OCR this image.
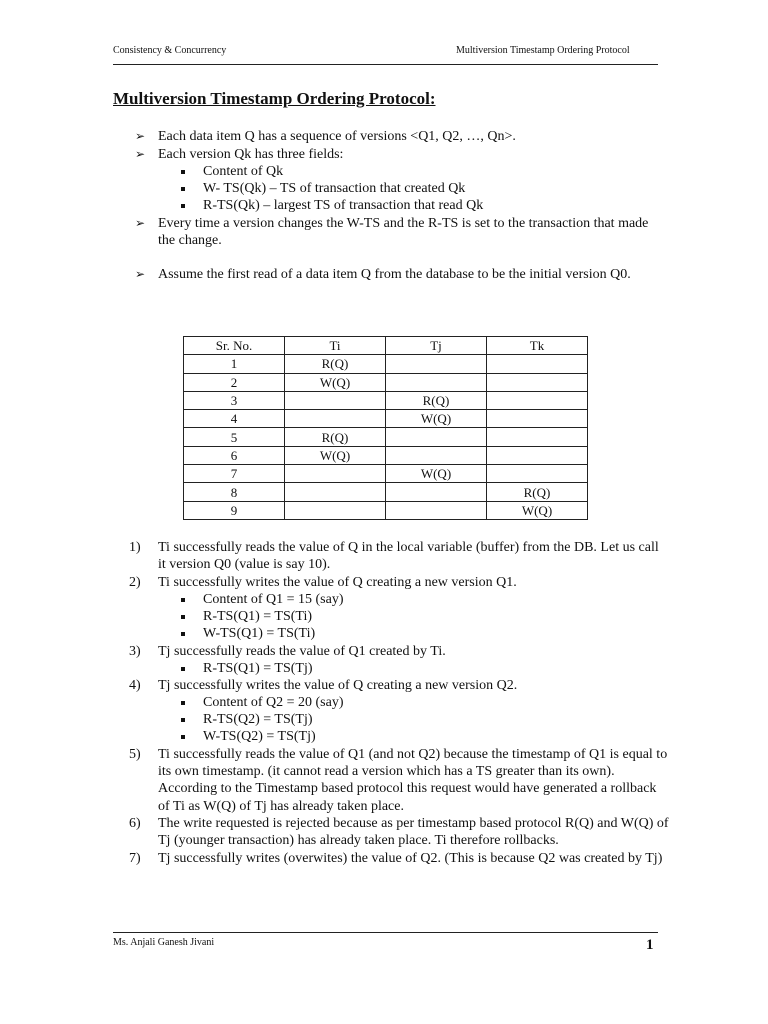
Consistency & Concurrency	Multiversion Timestamp Ordering Protocol
Multiversion Timestamp Ordering Protocol:
➢ Each data item Q has a sequence of versions <Q1, Q2, …, Qn>.
➢ Each version Qk has three fields:
Content of Qk
W- TS(Qk) – TS of transaction that created Qk
R-TS(Qk) – largest TS of transaction that read Qk
➢ Every time a version changes the W-TS and the R-TS is set to the transaction that made the change.
➢ Assume the first read of a data item Q from the database to be the initial version Q0.
Sr. No.	Ti	Tj	Tk
1	R(Q)		
2	W(Q)		
3		R(Q)	
4		W(Q)	
5	R(Q)		
6	W(Q)		
7		W(Q)	
8			R(Q)
9			W(Q)
1) Ti successfully reads the value of Q in the local variable (buffer) from the DB. Let us call it version Q0 (value is say 10).
2) Ti successfully writes the value of Q creating a new version Q1.
Content of Q1 = 15 (say)
R-TS(Q1) = TS(Ti)
W-TS(Q1) = TS(Ti)
3) Tj successfully reads the value of Q1 created by Ti.
R-TS(Q1) = TS(Tj)
4) Tj successfully writes the value of Q creating a new version Q2.
Content of Q2 = 20 (say)
R-TS(Q2) = TS(Tj)
W-TS(Q2) = TS(Tj)
5) Ti successfully reads the value of Q1 (and not Q2) because the timestamp of Q1 is equal to its own timestamp. (it cannot read a version which has a TS greater than its own). According to the Timestamp based protocol this request would have generated a rollback of Ti as W(Q) of Tj has already taken place.
6) The write requested is rejected because as per timestamp based protocol R(Q) and W(Q) of Tj (younger transaction) has already taken place. Ti therefore rollbacks.
7) Tj successfully writes (overwites) the value of Q2. (This is because Q2 was created by Tj)
Ms. Anjali Ganesh Jivani	1
